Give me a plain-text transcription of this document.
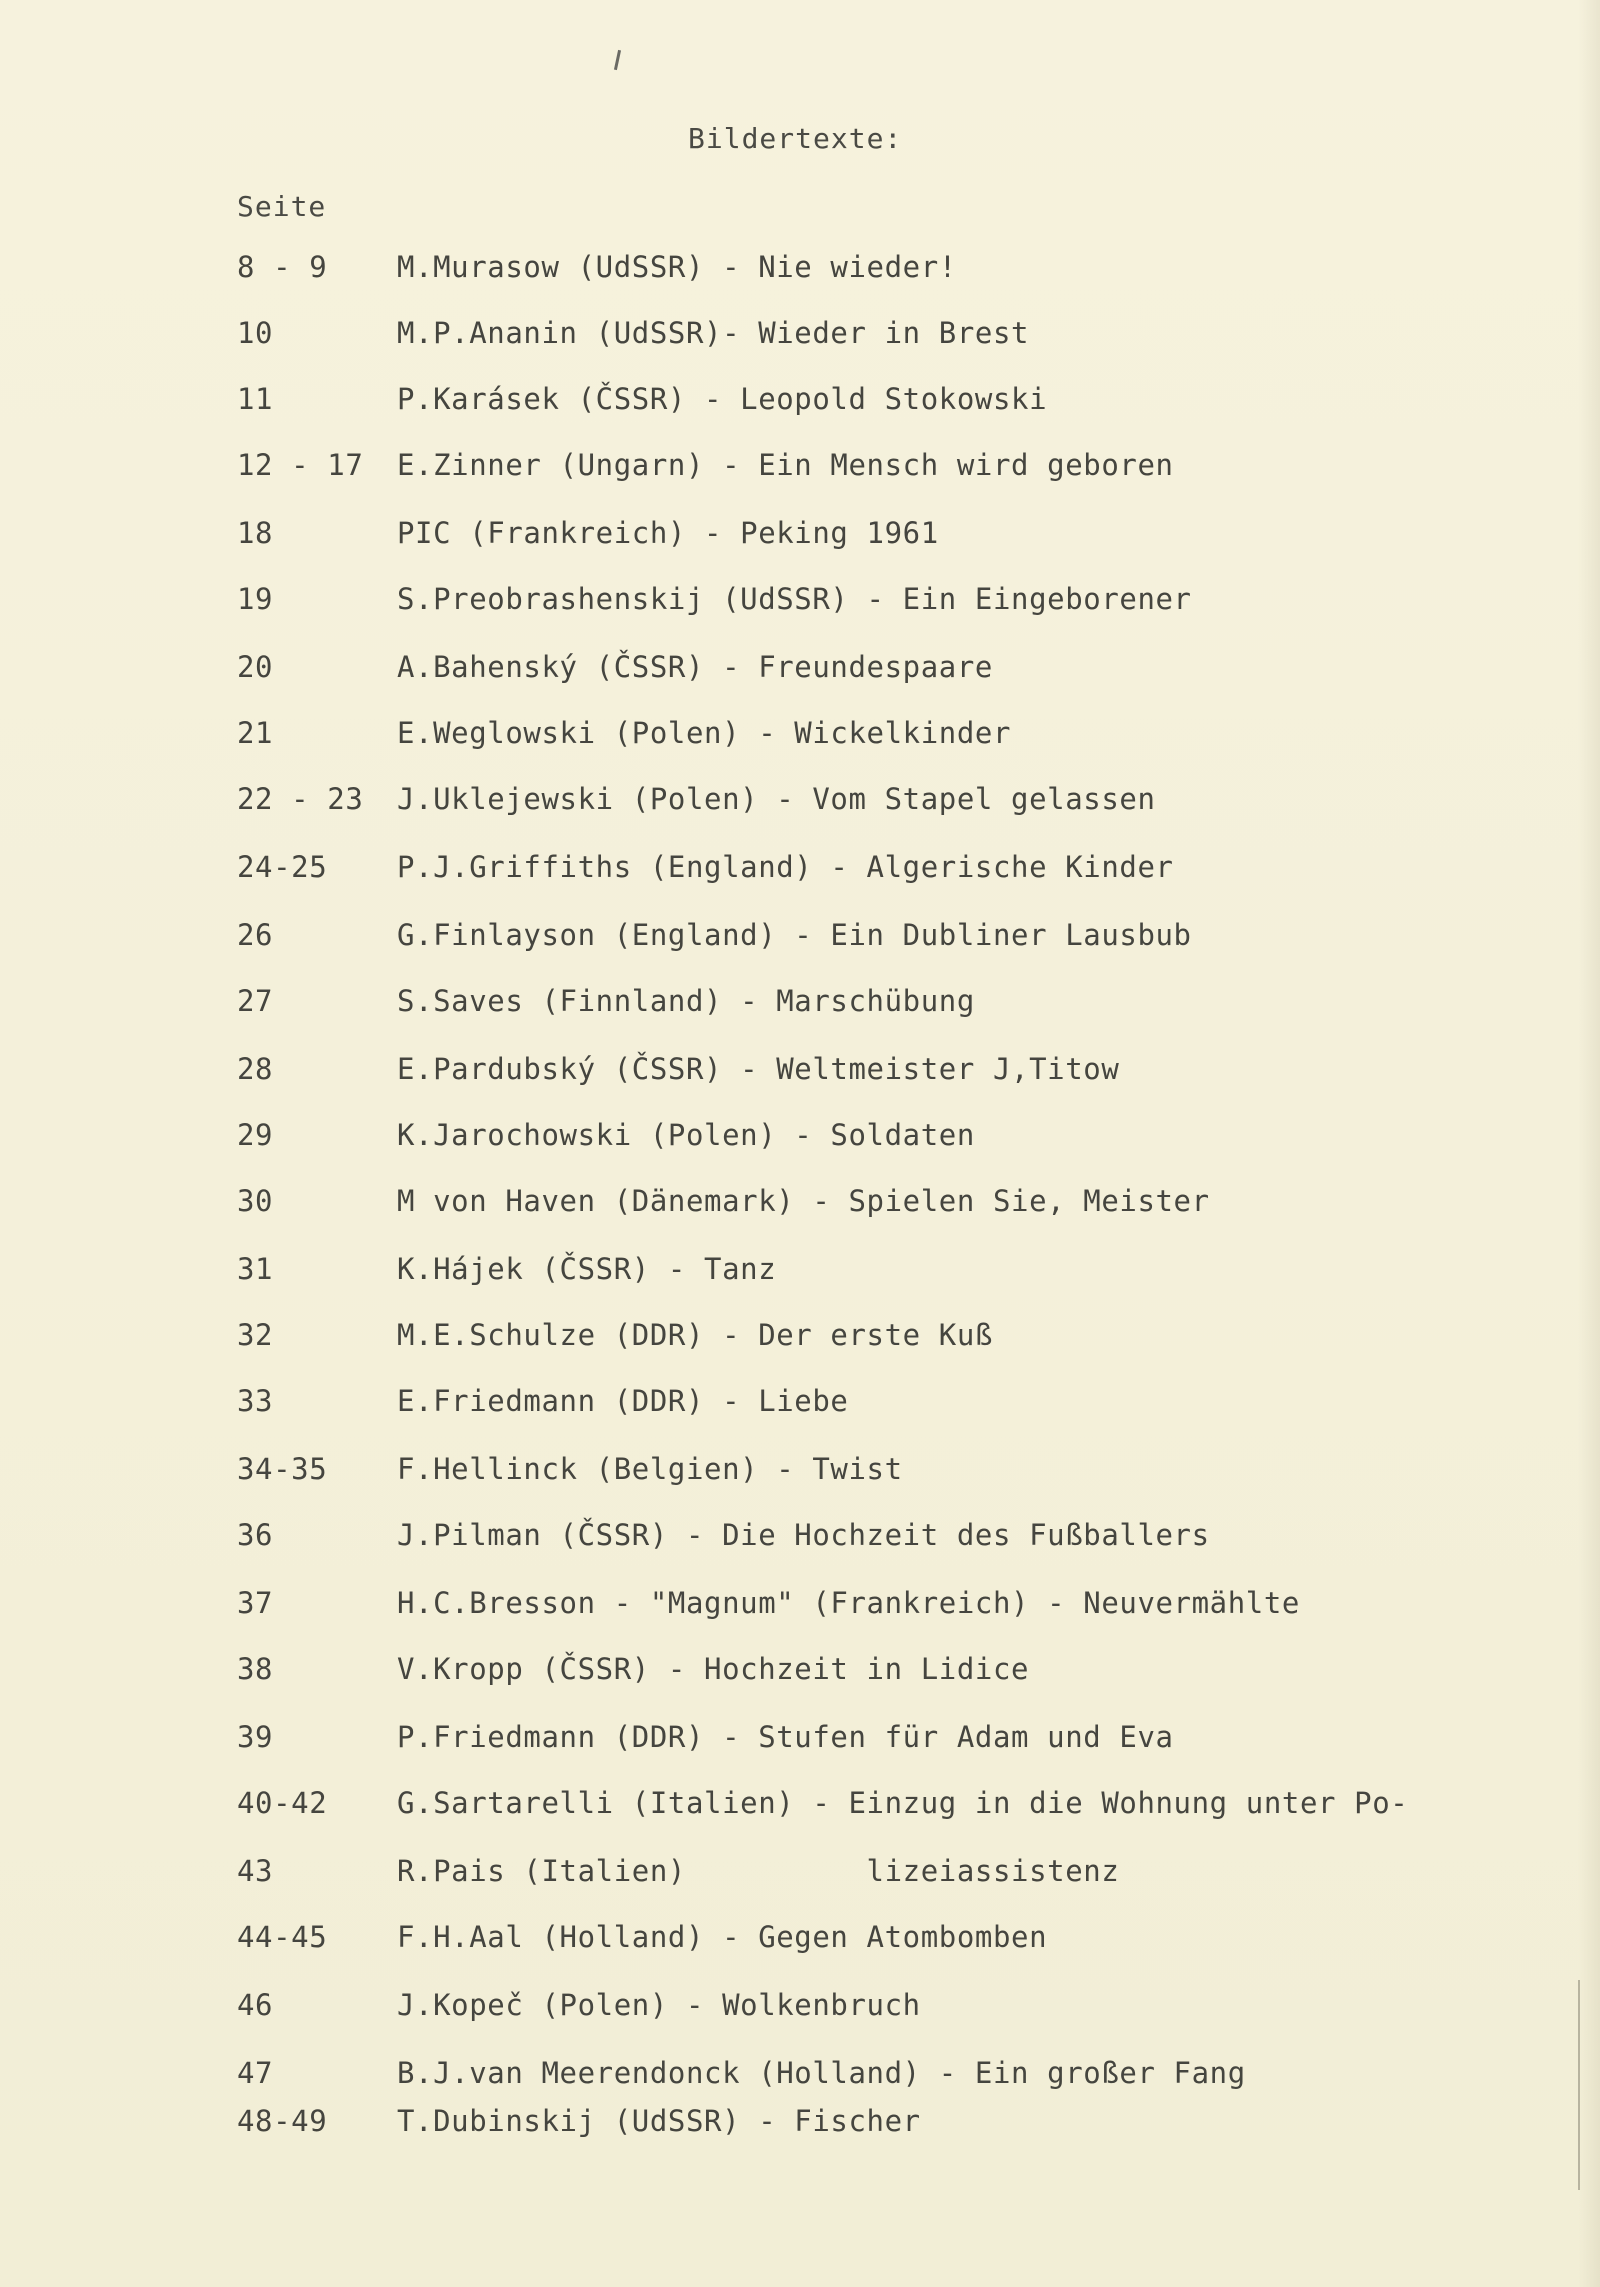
Bildertexte:
Seite
8 - 9 M.Murasow (UdSSR) - Nie wieder!
10	M.P.Ananin (UdSSR)- Wieder in Brest
11	P.Karásek (ČSSR) - Leopold Stokowski
12 - 17 E.Zinner (Ungarn) - Ein Mensch wird geboren
18	PIC (Frankreich) - Peking 1961
19	S.Preobrashenskij (UdSSR) - Ein Eingeborener
20	A.Bahenský (ČSSR) - Freundespaare
21	E.Weglowski (Polen) - Wickelkinder
22 - 23 J.Uklejewski (Polen) - Vom Stapel gelassen
24-25 P.J.Griffiths (England) - Algerische Kinder
26	G.Finlayson (England) - Ein Dubliner Lausbub
27	S.Saves (Finnland) - Marschübung
28	E.Pardubský (ČSSR) - Weltmeister J,Titow
29	K.Jarochowski (Polen) - Soldaten
30	M von Haven (Dänemark) - Spielen Sie, Meister
31	K.Hájek (ČSSR) - Tanz
32	M.E.Schulze (DDR) - Der erste Kuß
33	E.Friedmann (DDR) - Liebe
34-35 F.Hellinck (Belgien) - Twist
36	J.Pilman (ČSSR) - Die Hochzeit des Fußballers
37	H.C.Bresson - "Magnum" (Frankreich) - Neuvermählte
38	V.Kropp (ČSSR) - Hochzeit in Lidice
39	P.Friedmann (DDR) - Stufen für Adam und Eva
40-42 G.Sartarelli (Italien) - Einzug in die Wohnung unter Po-
43	R.Pais (Italien)          lizeiassistenz
44-45 F.H.Aal (Holland) - Gegen Atombomben
46	J.Kopeč (Polen) - Wolkenbruch
47	B.J.van Meerendonck (Holland) - Ein großer Fang
48-49 T.Dubinskij (UdSSR) - Fischer
